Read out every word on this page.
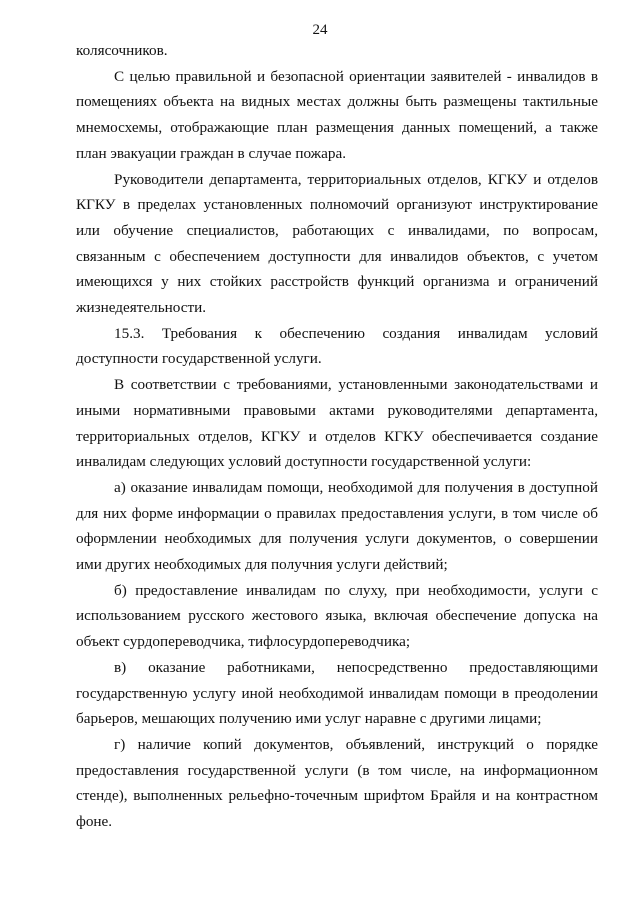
24

колясочников.

С целью правильной и безопасной ориентации заявителей - инвалидов в помещениях объекта на видных местах должны быть размещены тактильные мнемосхемы, отображающие план размещения данных помещений, а также план эвакуации граждан в случае пожара.

Руководители департамента, территориальных отделов, КГКУ и отделов КГКУ в пределах установленных полномочий организуют инструктирование или обучение специалистов, работающих с инвалидами, по вопросам, связанным с обеспечением доступности для инвалидов объектов, с учетом имеющихся у них стойких расстройств функций организма и ограничений жизнедеятельности.

15.3. Требования к обеспечению создания инвалидам условий доступности государственной услуги.

В соответствии с требованиями, установленными законодательствами и иными нормативными правовыми актами руководителями департамента, территориальных отделов, КГКУ и отделов КГКУ обеспечивается создание инвалидам следующих условий доступности государственной услуги:

а) оказание инвалидам помощи, необходимой для получения в доступной для них форме информации о правилах предоставления услуги, в том числе об оформлении необходимых для получения услуги документов, о совершении ими других необходимых для получния услуги действий;

б) предоставление инвалидам по слуху, при необходимости, услуги с использованием русского жестового языка, включая обеспечение допуска на объект сурдопереводчика, тифлосурдопереводчика;

в) оказание работниками, непосредственно предоставляющими государственную услугу иной необходимой инвалидам помощи в преодолении барьеров, мешающих получению ими услуг наравне с другими лицами;

г) наличие копий документов, объявлений, инструкций о порядке предоставления государственной услуги (в том числе, на информационном стенде), выполненных рельефно-точечным шрифтом Брайля и на контрастном фоне.
